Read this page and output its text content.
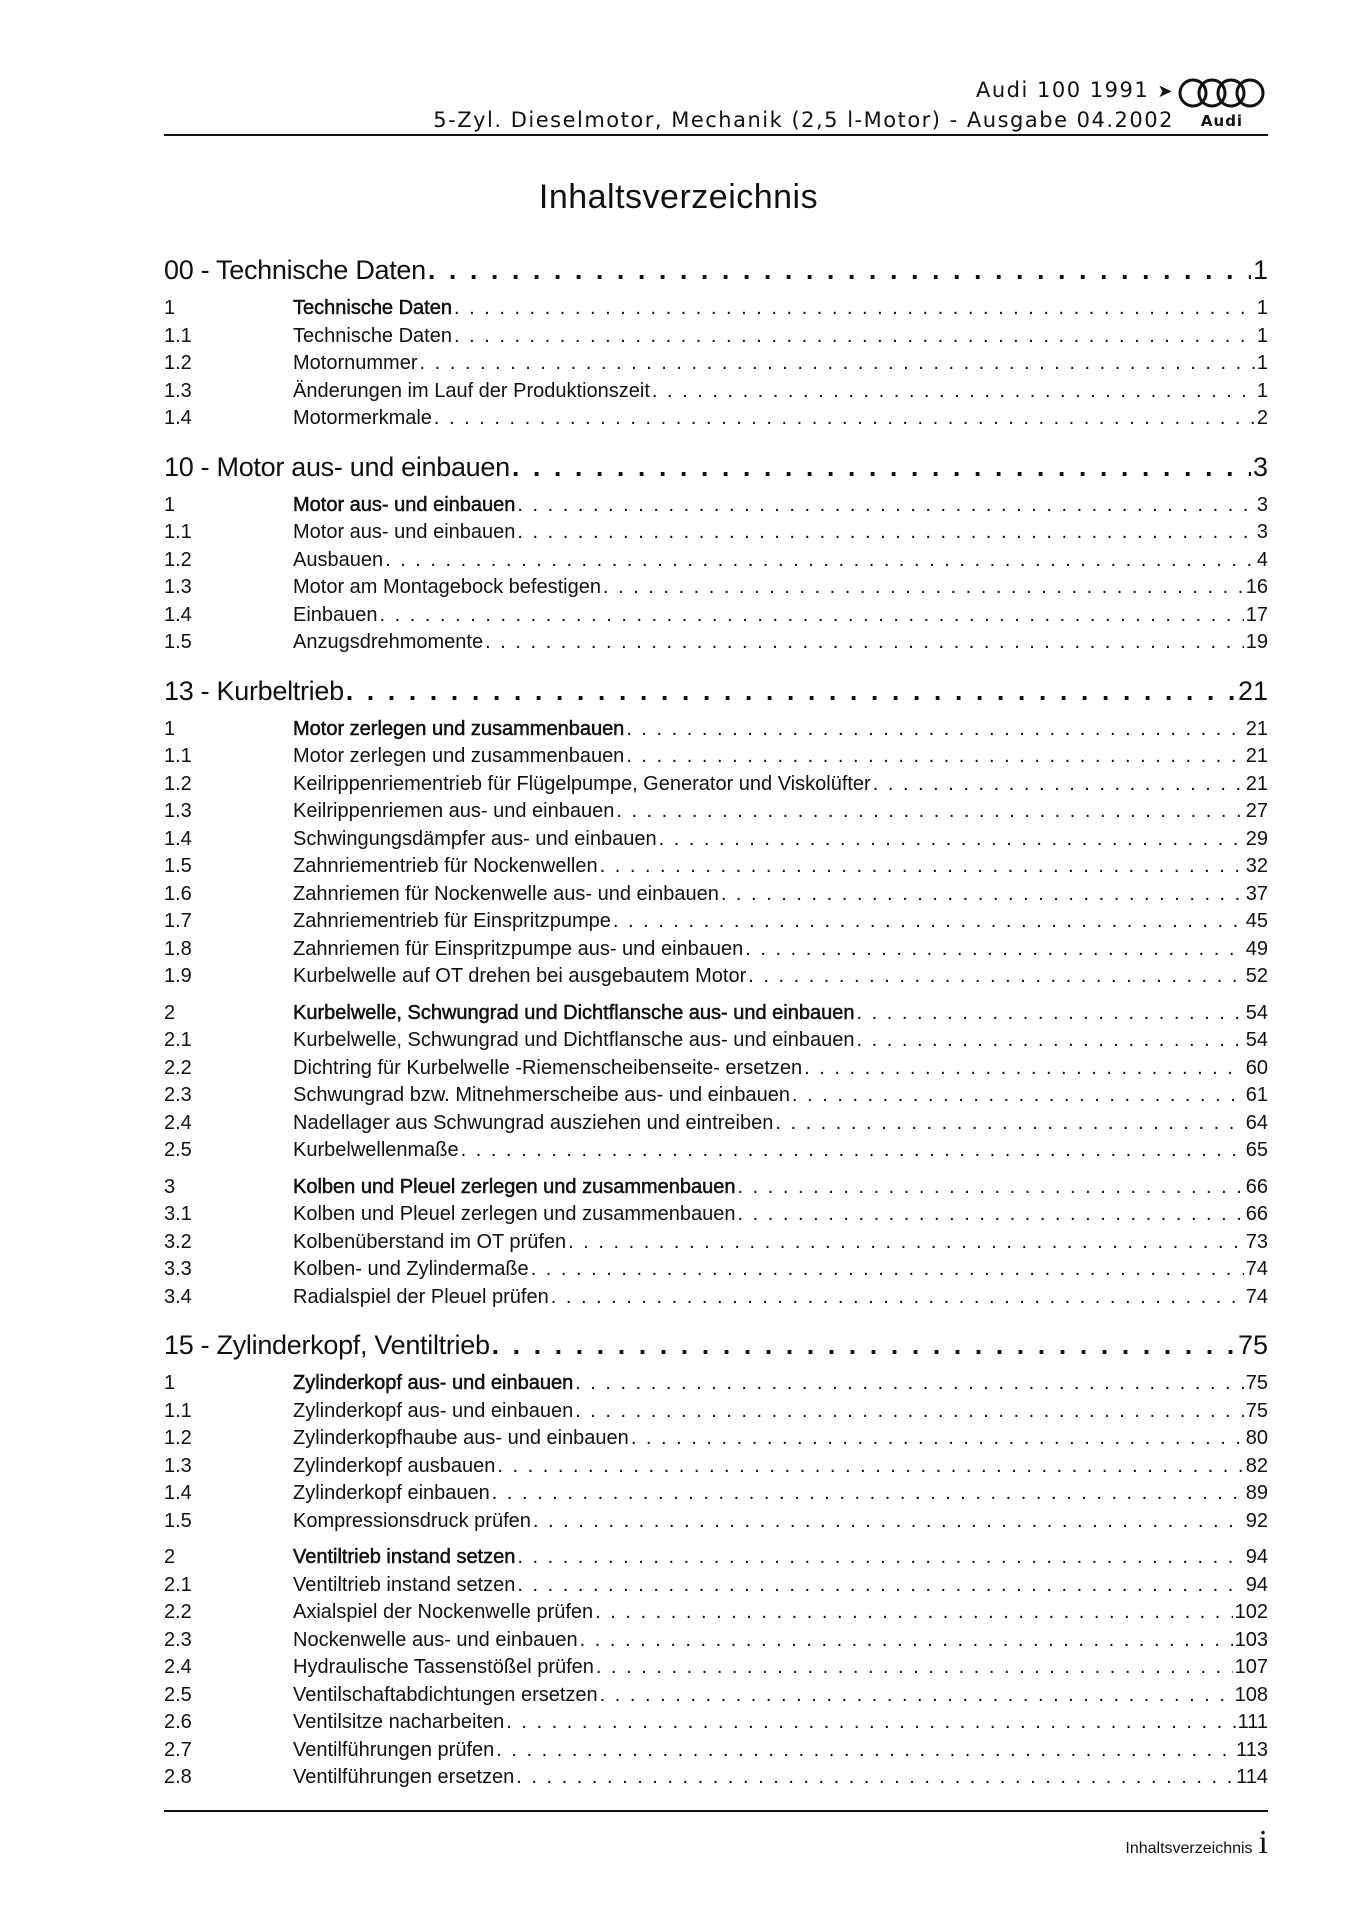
Audi 100 1991 ➤
5-Zyl. Dieselmotor, Mechanik (2,5 l-Motor) - Ausgabe 04.2002	Audi
Inhaltsverzeichnis
00 - Technische Daten . . .	1
1	Technische Daten . . .	1
1.1	Technische Daten . . .	1
1.2	Motornummer . . .	1
1.3	Änderungen im Lauf der Produktionszeit . . .	1
1.4	Motormerkmale . . .	2
10 - Motor aus- und einbauen . . .	3
1	Motor aus- und einbauen . . .	3
1.1	Motor aus- und einbauen . . .	3
1.2	Ausbauen . . .	4
1.3	Motor am Montagebock befestigen . . .	16
1.4	Einbauen . . .	17
1.5	Anzugsdrehmomente . . .	19
13 - Kurbeltrieb . . .	21
1	Motor zerlegen und zusammenbauen . . .	21
1.1	Motor zerlegen und zusammenbauen . . .	21
1.2	Keilrippenriementrieb für Flügelpumpe, Generator und Viskolüfter . . .	21
1.3	Keilrippenriemen aus- und einbauen . . .	27
1.4	Schwingungsdämpfer aus- und einbauen . . .	29
1.5	Zahnriementrieb für Nockenwellen . . .	32
1.6	Zahnriemen für Nockenwelle aus- und einbauen . . .	37
1.7	Zahnriementrieb für Einspritzpumpe . . .	45
1.8	Zahnriemen für Einspritzpumpe aus- und einbauen . . .	49
1.9	Kurbelwelle auf OT drehen bei ausgebautem Motor . . .	52
2	Kurbelwelle, Schwungrad und Dichtflansche aus- und einbauen . . .	54
2.1	Kurbelwelle, Schwungrad und Dichtflansche aus- und einbauen . . .	54
2.2	Dichtring für Kurbelwelle -Riemenscheibenseite- ersetzen . . .	60
2.3	Schwungrad bzw. Mitnehmerscheibe aus- und einbauen . . .	61
2.4	Nadellager aus Schwungrad ausziehen und eintreiben . . .	64
2.5	Kurbelwellenmaße . . .	65
3	Kolben und Pleuel zerlegen und zusammenbauen . . .	66
3.1	Kolben und Pleuel zerlegen und zusammenbauen . . .	66
3.2	Kolbenüberstand im OT prüfen . . .	73
3.3	Kolben- und Zylindermaße . . .	74
3.4	Radialspiel der Pleuel prüfen . . .	74
15 - Zylinderkopf, Ventiltrieb . . .	75
1	Zylinderkopf aus- und einbauen . . .	75
1.1	Zylinderkopf aus- und einbauen . . .	75
1.2	Zylinderkopfhaube aus- und einbauen . . .	80
1.3	Zylinderkopf ausbauen . . .	82
1.4	Zylinderkopf einbauen . . .	89
1.5	Kompressionsdruck prüfen . . .	92
2	Ventiltrieb instand setzen . . .	94
2.1	Ventiltrieb instand setzen . . .	94
2.2	Axialspiel der Nockenwelle prüfen . . .	102
2.3	Nockenwelle aus- und einbauen . . .	103
2.4	Hydraulische Tassenstößel prüfen . . .	107
2.5	Ventilschaftabdichtungen ersetzen . . .	108
2.6	Ventilsitze nacharbeiten . . .	111
2.7	Ventilführungen prüfen . . .	113
2.8	Ventilführungen ersetzen . . .	114
Inhaltsverzeichnis i
